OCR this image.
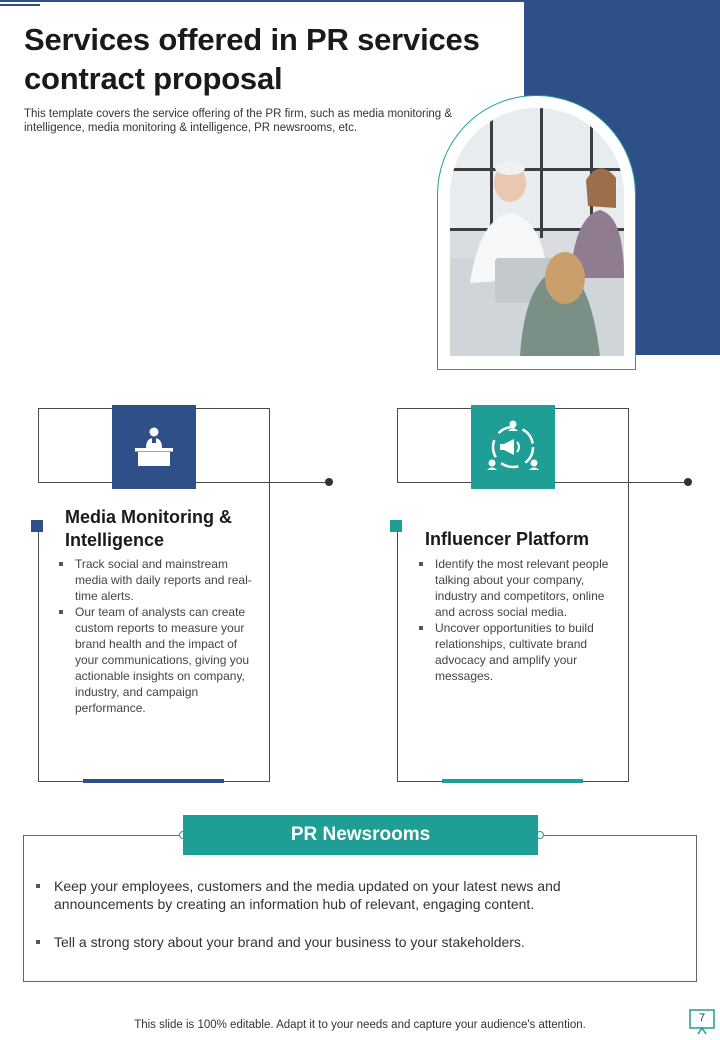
Services offered in PR services contract proposal

This template covers the service offering of the PR firm, such as media monitoring & intelligence, media monitoring & intelligence, PR newsrooms, etc.

Media Monitoring & Intelligence
Track social and mainstream media with daily reports and real-time alerts.
Our team of analysts can create custom reports to measure your brand health and the impact of your communications, giving you actionable insights on company, industry, and campaign performance.
Influencer Platform
Identify the most relevant people talking about your company, industry and competitors, online and across social media.
Uncover opportunities to build relationships, cultivate brand advocacy and amplify your messages.
PR Newsrooms
Keep your employees, customers and the media updated on your latest news and announcements by creating an information hub of relevant, engaging content.
Tell a strong story about your brand and your business to your stakeholders.
This slide is 100% editable. Adapt it to your needs and capture your audience's attention.
7
